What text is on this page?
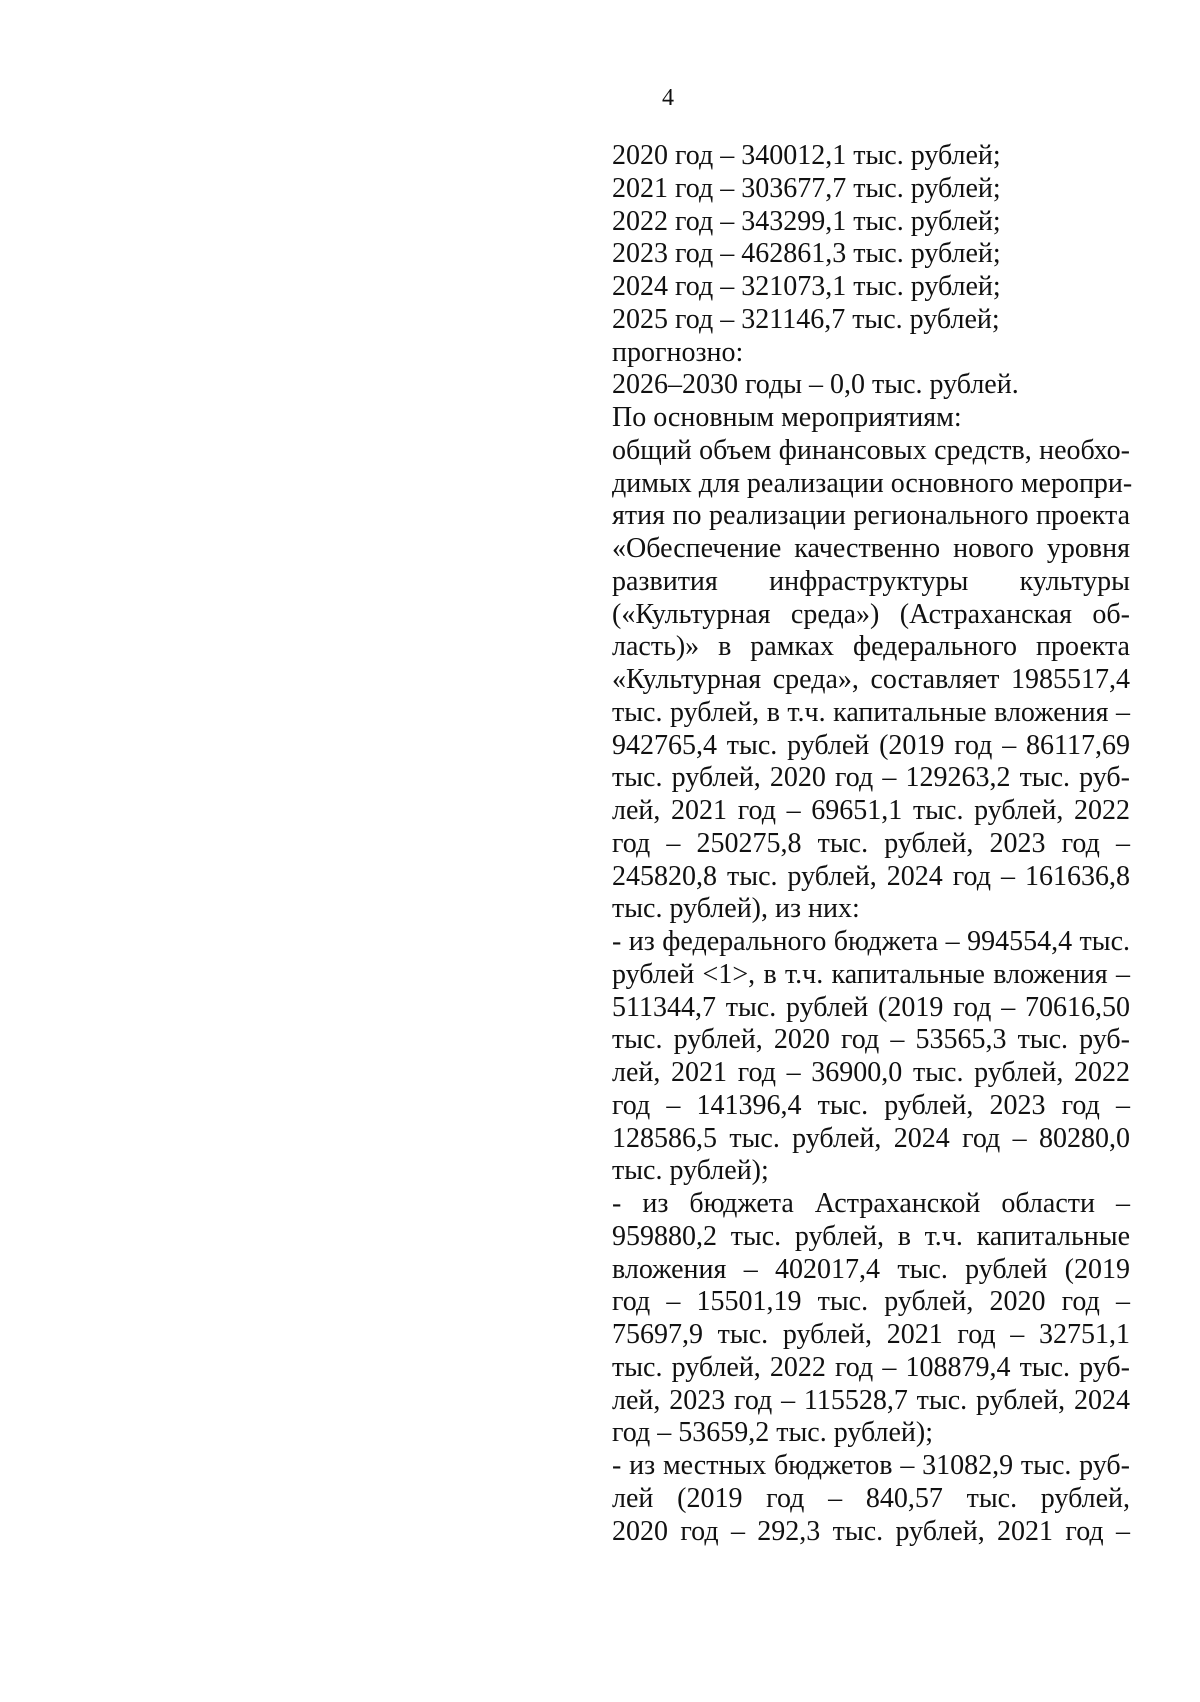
4
2020 год – 340012,1 тыс. рублей;
2021 год – 303677,7 тыс. рублей;
2022 год – 343299,1 тыс. рублей;
2023 год – 462861,3 тыс. рублей;
2024 год – 321073,1 тыс. рублей;
2025 год – 321146,7 тыс. рублей;
прогнозно:
2026–2030 годы – 0,0 тыс. рублей.
По основным мероприятиям:
общий объем финансовых средств, необхо-
димых для реализации основного меропри-
ятия по реализации регионального проекта
«Обеспечение качественно нового уровня
развития инфраструктуры культуры
(«Культурная среда») (Астраханская об-
ласть)» в рамках федерального проекта
«Культурная среда», составляет 1985517,4
тыс. рублей, в т.ч. капитальные вложения –
942765,4 тыс. рублей (2019 год – 86117,69
тыс. рублей, 2020 год – 129263,2 тыс. руб-
лей, 2021 год – 69651,1 тыс. рублей, 2022
год – 250275,8 тыс. рублей, 2023 год –
245820,8 тыс. рублей, 2024 год – 161636,8
тыс. рублей), из них:
- из федерального бюджета – 994554,4 тыс.
рублей <1>, в т.ч. капитальные вложения –
511344,7 тыс. рублей (2019 год – 70616,50
тыс. рублей, 2020 год – 53565,3 тыс. руб-
лей, 2021 год – 36900,0 тыс. рублей, 2022
год – 141396,4 тыс. рублей, 2023 год –
128586,5 тыс. рублей, 2024 год – 80280,0
тыс. рублей);
- из бюджета Астраханской области –
959880,2 тыс. рублей, в т.ч. капитальные
вложения – 402017,4 тыс. рублей (2019
год – 15501,19 тыс. рублей, 2020 год –
75697,9 тыс. рублей, 2021 год – 32751,1
тыс. рублей, 2022 год – 108879,4 тыс. руб-
лей, 2023 год – 115528,7 тыс. рублей, 2024
год – 53659,2 тыс. рублей);
- из местных бюджетов – 31082,9 тыс. руб-
лей (2019 год – 840,57 тыс. рублей,
2020 год – 292,3 тыс. рублей, 2021 год –
